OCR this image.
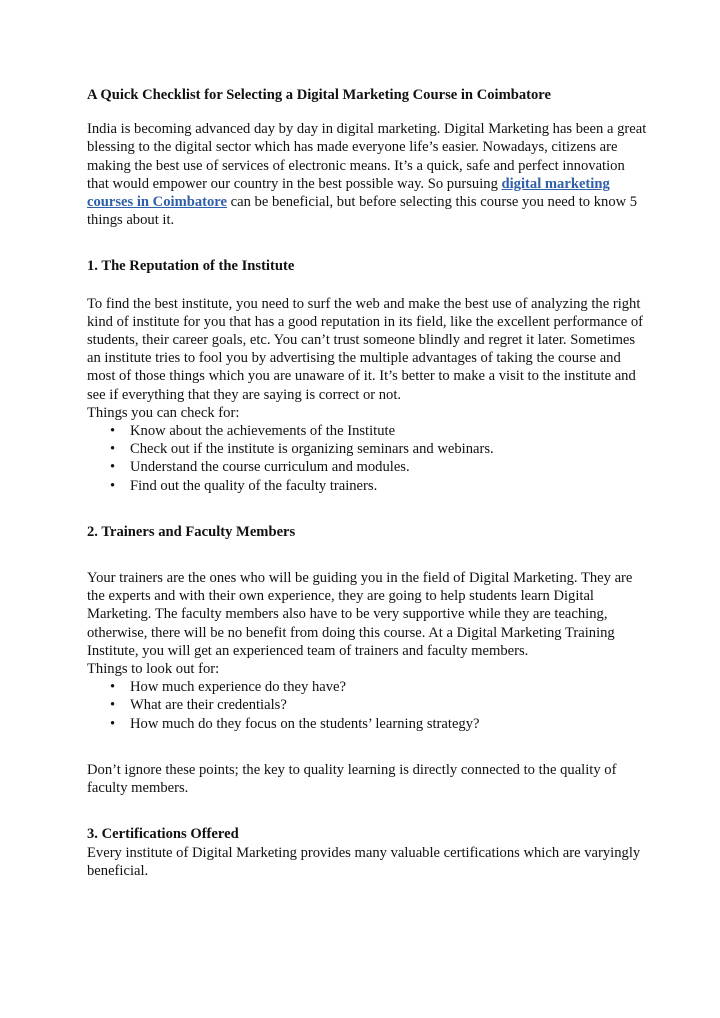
A Quick Checklist for Selecting a Digital Marketing Course in Coimbatore

India is becoming advanced day by day in digital marketing. Digital Marketing has been a great blessing to the digital sector which has made everyone life’s easier. Nowadays, citizens are making the best use of services of electronic means. It’s a quick, safe and perfect innovation that would empower our country in the best possible way. So pursuing digital marketing courses in Coimbatore can be beneficial, but before selecting this course you need to know 5 things about it.

1. The Reputation of the Institute

To find the best institute, you need to surf the web and make the best use of analyzing the right kind of institute for you that has a good reputation in its field, like the excellent performance of students, their career goals, etc. You can’t trust someone blindly and regret it later. Sometimes an institute tries to fool you by advertising the multiple advantages of taking the course and most of those things which you are unaware of it. It’s better to make a visit to the institute and see if everything that they are saying is correct or not.

Things you can check for:

• Know about the achievements of the Institute
• Check out if the institute is organizing seminars and webinars.
• Understand the course curriculum and modules.
• Find out the quality of the faculty trainers.

2. Trainers and Faculty Members

Your trainers are the ones who will be guiding you in the field of Digital Marketing. They are the experts and with their own experience, they are going to help students learn Digital Marketing. The faculty members also have to be very supportive while they are teaching, otherwise, there will be no benefit from doing this course. At a Digital Marketing Training Institute, you will get an experienced team of trainers and faculty members.

Things to look out for:

• How much experience do they have?
• What are their credentials?
• How much do they focus on the students’ learning strategy?

Don’t ignore these points; the key to quality learning is directly connected to the quality of faculty members.

3. Certifications Offered

Every institute of Digital Marketing provides many valuable certifications which are varyingly beneficial.
